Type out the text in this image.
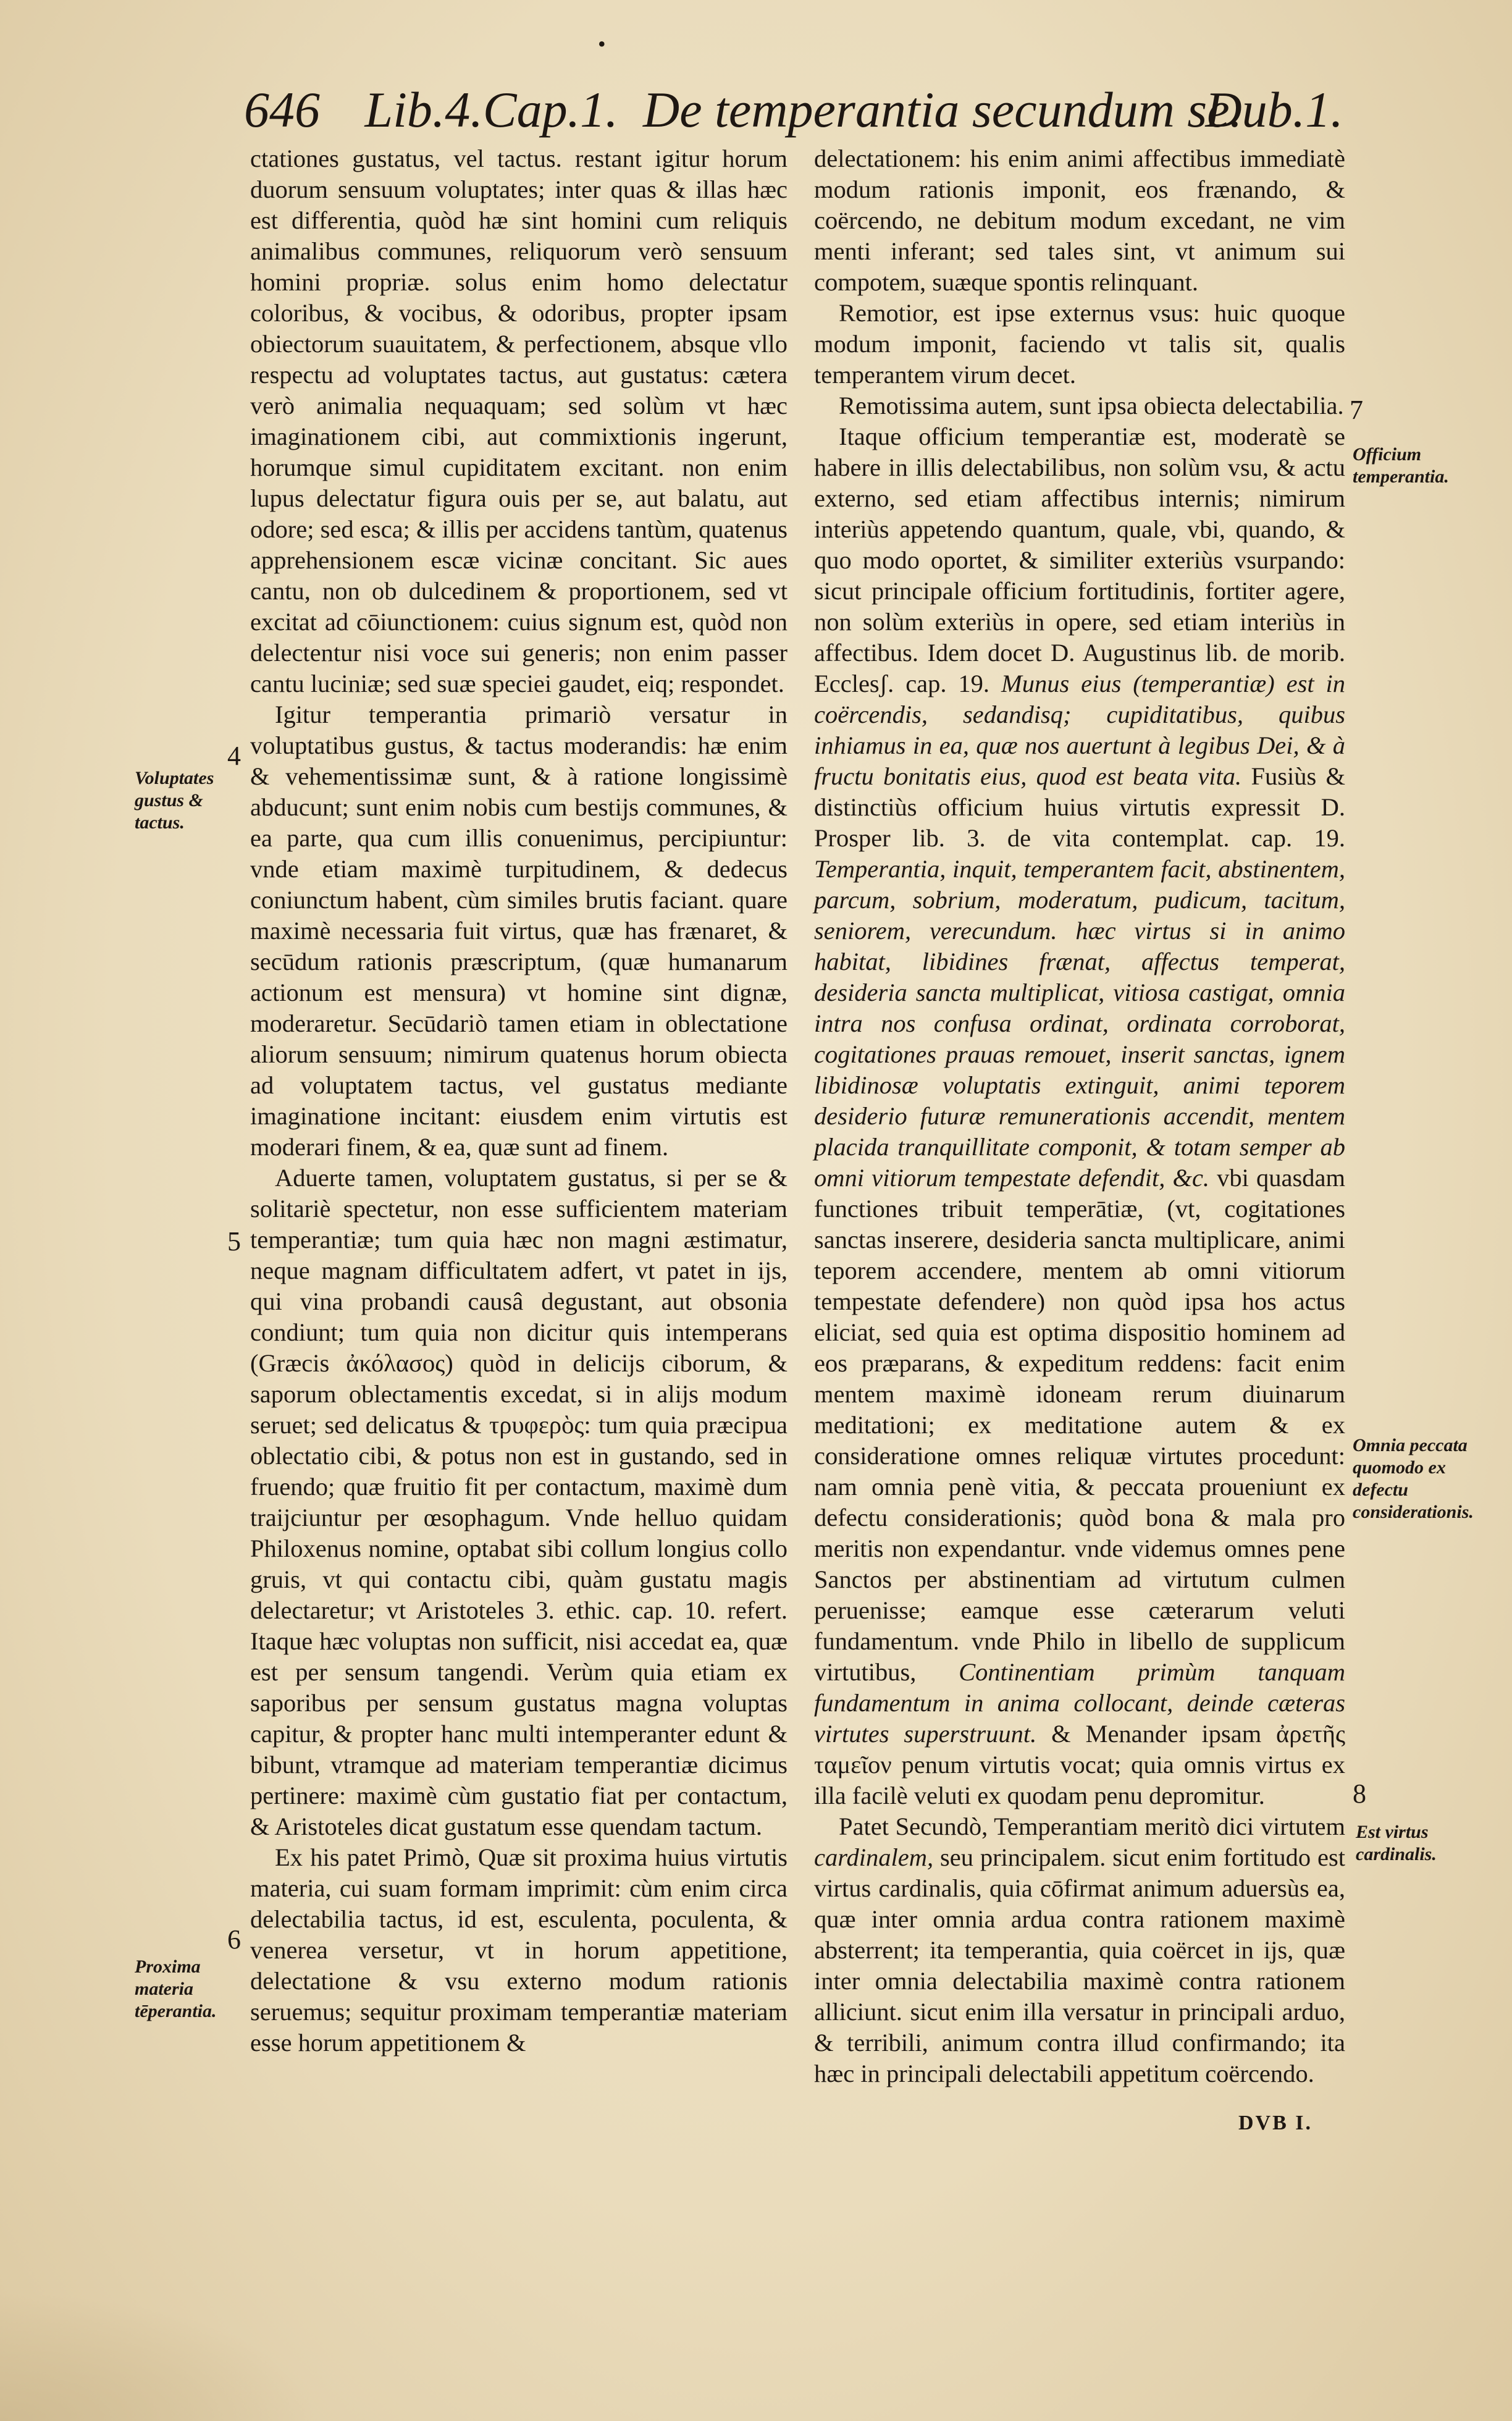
•
646 Lib.4.Cap.1. De temperantia secundum se. Dub.1.

ctationes gustatus, vel tactus. restant igitur horum duorum sensuum voluptates; inter quas & illas hæc est differentia, quòd hæ sint homini cum reliquis animalibus communes, reliquorum verò sensuum homini propriæ. solus enim homo delectatur coloribus, & vocibus, & odoribus, propter ipsam obiectorum suauitatem, & perfectionem, absque vllo respectu ad voluptates tactus, aut gustatus: cætera verò animalia nequaquam; sed solùm vt hæc imaginationem cibi, aut commixtionis ingerunt, horumque simul cupiditatem excitant. non enim lupus delectatur figura ouis per se, aut balatu, aut odore; sed esca; & illis per accidens tantùm, quatenus apprehensionem escæ vicinæ concitant. Sic aues cantu, non ob dulcedinem & proportionem, sed vt excitat ad cōiunctionem: cuius signum est, quòd non delectentur nisi voce sui generis; non enim passer cantu luciniæ; sed suæ speciei gaudet, eiq; respondet.

Igitur temperantia primariò versatur in voluptatibus gustus, & tactus moderandis: hæ enim & vehementissimæ sunt, & à ratione longissimè abducunt; sunt enim nobis cum bestijs communes, & ea parte, qua cum illis conuenimus, percipiuntur: vnde etiam maximè turpitudinem, & dedecus coniunctum habent, cùm similes brutis faciant. quare maximè necessaria fuit virtus, quæ has frænaret, & secūdum rationis præscriptum, (quæ humanarum actionum est mensura) vt homine sint dignæ, moderaretur. Secūdariò tamen etiam in oblectatione aliorum sensuum; nimirum quatenus horum obiecta ad voluptatem tactus, vel gustatus mediante imaginatione incitant: eiusdem enim virtutis est moderari finem, & ea, quæ sunt ad finem.

Aduerte tamen, voluptatem gustatus, si per se & solitariè spectetur, non esse sufficientem materiam temperantiæ; tum quia hæc non magni æstimatur, neque magnam difficultatem adfert, vt patet in ijs, qui vina probandi causâ degustant, aut obsonia condiunt; tum quia non dicitur quis intemperans (Græcis ἀκόλασος) quòd in delicijs ciborum, & saporum oblectamentis excedat, si in alijs modum seruet; sed delicatus & τρυφερὸς: tum quia præcipua oblectatio cibi, & potus non est in gustando, sed in fruendo; quæ fruitio fit per contactum, maximè dum traijciuntur per œsophagum. Vnde helluo quidam Philoxenus nomine, optabat sibi collum longius collo gruis, vt qui contactu cibi, quàm gustatu magis delectaretur; vt Aristoteles 3. ethic. cap. 10. refert. Itaque hæc voluptas non sufficit, nisi accedat ea, quæ est per sensum tangendi. Verùm quia etiam ex saporibus per sensum gustatus magna voluptas capitur, & propter hanc multi intemperanter edunt & bibunt, vtramque ad materiam temperantiæ dicimus pertinere: maximè cùm gustatio fiat per contactum, & Aristoteles dicat gustatum esse quendam tactum.

Ex his patet Primò, Quæ sit proxima huius virtutis materia, cui suam formam imprimit: cùm enim circa delectabilia tactus, id est, esculenta, poculenta, & venerea versetur, vt in horum appetitione, delectatione & vsu externo modum rationis seruemus; sequitur proximam temperantiæ materiam esse horum appetitionem &

delectationem: his enim animi affectibus immediatè modum rationis imponit, eos frænando, & coërcendo, ne debitum modum excedant, ne vim menti inferant; sed tales sint, vt animum sui compotem, suæque spontis relinquant.

Remotior, est ipse externus vsus: huic quoque modum imponit, faciendo vt talis sit, qualis temperantem virum decet.

Remotissima autem, sunt ipsa obiecta delectabilia.

Itaque officium temperantiæ est, moderatè se habere in illis delectabilibus, non solùm vsu, & actu externo, sed etiam affectibus internis; nimirum interiùs appetendo quantum, quale, vbi, quando, & quo modo oportet, & similiter exteriùs vsurpando: sicut principale officium fortitudinis, fortiter agere, non solùm exteriùs in opere, sed etiam interiùs in affectibus. Idem docet D. Augustinus lib. de morib. Ecclesʃ. cap. 19. Munus eius (temperantiæ) est in coërcendis, sedandisq; cupiditatibus, quibus inhiamus in ea, quæ nos auertunt à legibus Dei, & à fructu bonitatis eius, quod est beata vita. Fusiùs & distinctiùs officium huius virtutis expressit D. Prosper lib. 3. de vita contemplat. cap. 19. Temperantia, inquit, temperantem facit, abstinentem, parcum, sobrium, moderatum, pudicum, tacitum, seniorem, verecundum. hæc virtus si in animo habitat, libidines frænat, affectus temperat, desideria sancta multiplicat, vitiosa castigat, omnia intra nos confusa ordinat, ordinata corroborat, cogitationes prauas remouet, inserit sanctas, ignem libidinosæ voluptatis extinguit, animi teporem desiderio futuræ remunerationis accendit, mentem placida tranquillitate componit, & totam semper ab omni vitiorum tempestate defendit, &c. vbi quasdam functiones tribuit temperātiæ, (vt, cogitationes sanctas inserere, desideria sancta multiplicare, animi teporem accendere, mentem ab omni vitiorum tempestate defendere) non quòd ipsa hos actus eliciat, sed quia est optima dispositio hominem ad eos præparans, & expeditum reddens: facit enim mentem maximè idoneam rerum diuinarum meditationi; ex meditatione autem & ex consideratione omnes reliquæ virtutes procedunt: nam omnia penè vitia, & peccata proueniunt ex defectu considerationis; quòd bona & mala pro meritis non expendantur. vnde videmus omnes pene Sanctos per abstinentiam ad virtutum culmen peruenisse; eamque esse cæterarum veluti fundamentum. vnde Philo in libello de supplicum virtutibus, Continentiam primùm tanquam fundamentum in anima collocant, deinde cæteras virtutes superstruunt. & Menander ipsam ἀρετῆς ταμεῖον penum virtutis vocat; quia omnis virtus ex illa facilè veluti ex quodam penu depromitur.

Patet Secundò, Temperantiam meritò dici virtutem cardinalem, seu principalem. sicut enim fortitudo est virtus cardinalis, quia cōfirmat animum aduersùs ea, quæ inter omnia ardua contra rationem maximè absterrent; ita temperantia, quia coërcet in ijs, quæ inter omnia delectabilia maximè contra rationem alliciunt. sicut enim illa versatur in principali arduo, & terribili, animum contra illud confirmando; ita hæc in principali delectabili appetitum coërcendo.

Voluptates gustus & tactus.
Proxima materia tēperantia.
Officium temperantia.
Omnia peccata quomodo ex defectu considerationis.
Est virtus cardinalis.
4
5
6
7
8
DVB I.
